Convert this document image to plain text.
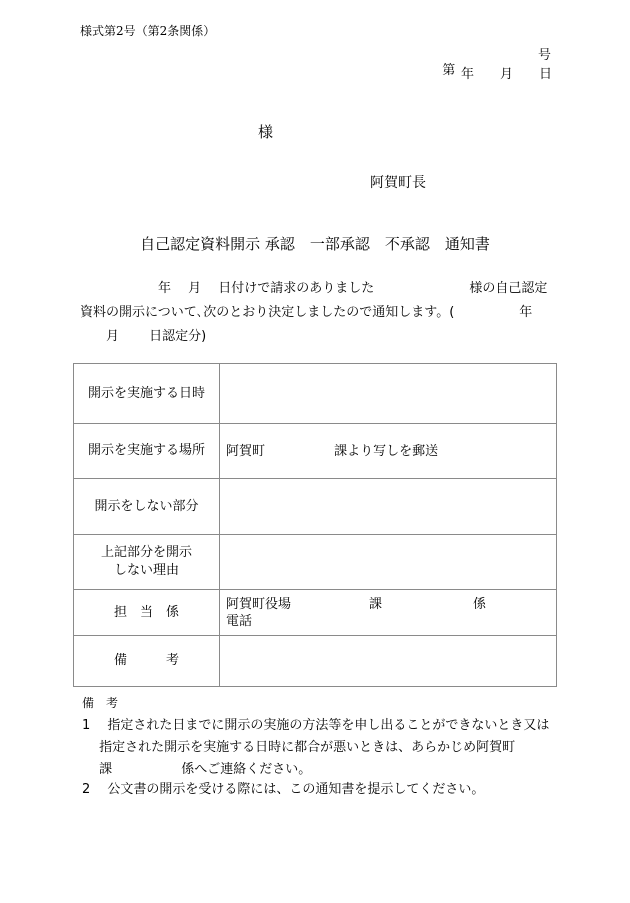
様式第2号（第2条関係）

第

号

年　　月　　日
様
阿賀町長
自己認定資料開示 承認　一部承認　不承認　通知書
　　　　　　年　 月　 日付けで請求のありました　　　　　　　 様の自己認定
資料の開示について､次のとおり決定しましたので通知します。(　　　　　年
　　月　　 日認定分)
開示を実施する日時	
開示を実施する場所	阿賀町　　　　　 課より写しを郵送
開示をしない部分	
上記部分を開示
しない理由	
担　当　係	阿賀町役場　　　　　　課　　　　　　　係
電話
備　　　考	
備　考
1　 指定された日までに開示の実施の方法等を申し出ることができないとき又は
　 指定された開示を実施する日時に都合が悪いときは、あらかじめ阿賀町
　 課　　　　　 係へご連絡ください。
2　 公文書の開示を受ける際には、この通知書を提示してください。
